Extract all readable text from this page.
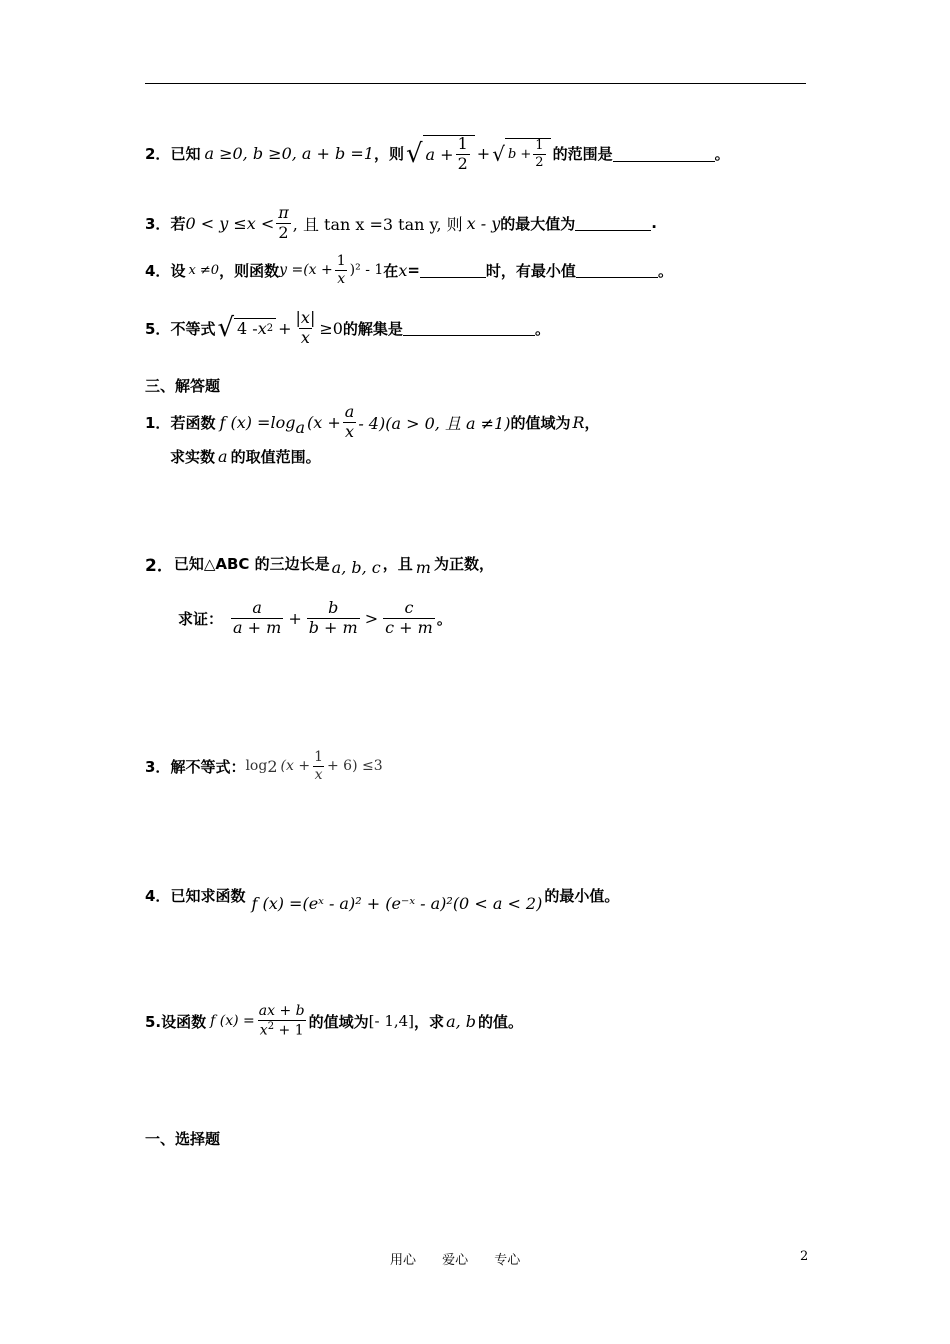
2． 已知 a ≥0, b ≥0, a + b =1 ，则 √ $a + \frac{1}{2}$ + √ $b + \frac{1}{2}$ 的范围是	。
3． 若 $0 < y \le x < \frac{\pi}{2}$ , 且 tan x =3 tan y, 则 x - y 的最大值为	.
4． 设 x ≠0 ，则函数 $y =(x + \frac{1}{x} )^2 - 1$ 在 x =	时，有最小值	。
5． 不等式 √ 4 - x $2 + \frac{|x|}{x} \ge 0$ 的解集是	。
三、解答题
1． 若函数 f (x) =log a $(x + \frac{a}{x} - 4)(a > 0$, 且 a ≠1) 的值域为 R ，
求实数 a 的取值范围。
2． 已知△ABC 的三边长是 a, b, c ，且 m 为正数，
求证： $\frac{a}{a + m} + \frac{b}{b + m} > \frac{c}{c + m}$ 。
3． 解不等式： log 2 $(x + \frac{1}{x} + 6) \le 3$
4． 已知求函数 f (x) =(eˣ - a)² + (e⁻ˣ - a)²(0 < a < 2) 的最小值。
5.设函数 f $(x) = \frac{ax + b}{x^2 + 1}$ 的值域为 [- 1,4] ，求 a, b 的值。
一、选择题
用心 爱心 专心	2
